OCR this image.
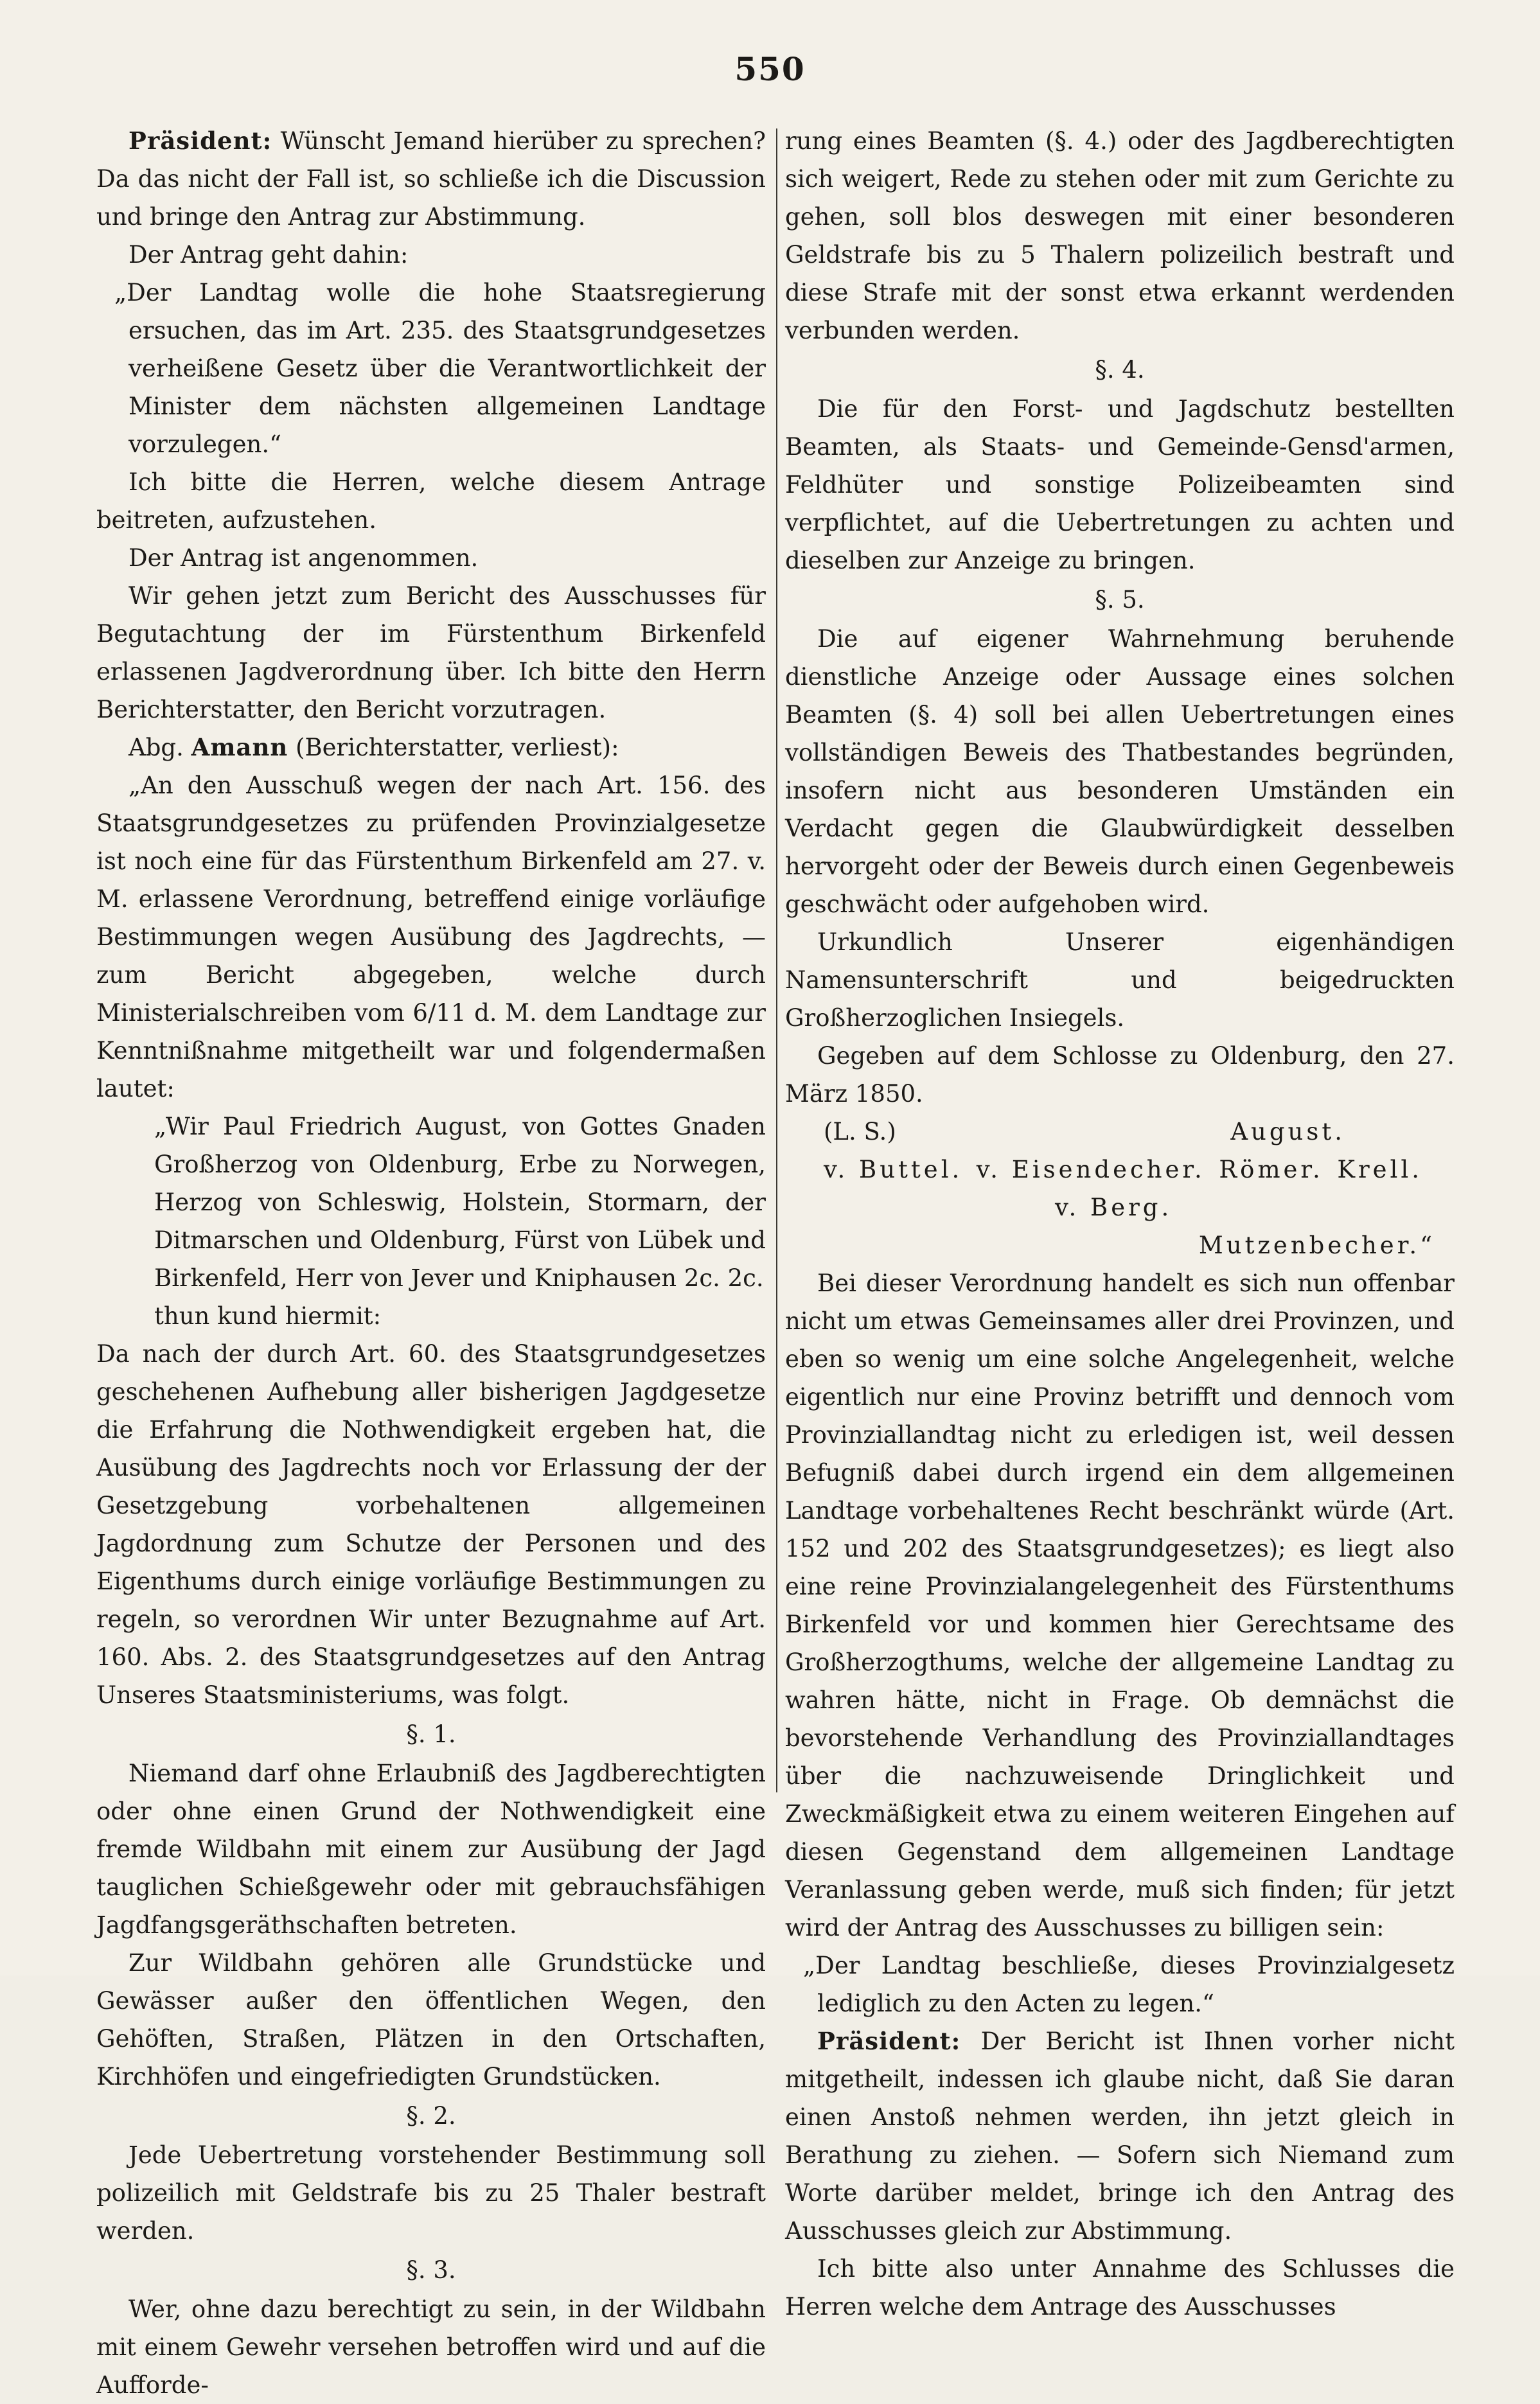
550

Präsident: Wünscht Jemand hierüber zu sprechen? Da das nicht der Fall ist, so schließe ich die Discussion und bringe den Antrag zur Abstimmung.

Der Antrag geht dahin:

„Der Landtag wolle die hohe Staatsregierung ersuchen, das im Art. 235. des Staatsgrundgesetzes verheißene Gesetz über die Verantwortlichkeit der Minister dem nächsten allgemeinen Landtage vorzulegen.“

Ich bitte die Herren, welche diesem Antrage beitreten, aufzustehen.

Der Antrag ist angenommen.

Wir gehen jetzt zum Bericht des Ausschusses für Begutachtung der im Fürstenthum Birkenfeld erlassenen Jagdverordnung über. Ich bitte den Herrn Berichterstatter, den Bericht vorzutragen.

Abg. Amann (Berichterstatter, verliest):

„An den Ausschuß wegen der nach Art. 156. des Staatsgrundgesetzes zu prüfenden Provinzialgesetze ist noch eine für das Fürstenthum Birkenfeld am 27. v. M. erlassene Verordnung, betreffend einige vorläufige Bestimmungen wegen Ausübung des Jagdrechts, — zum Bericht abgegeben, welche durch Ministerialschreiben vom 6/11 d. M. dem Landtage zur Kenntnißnahme mitgetheilt war und folgendermaßen lautet:

„Wir Paul Friedrich August, von Gottes Gnaden Großherzog von Oldenburg, Erbe zu Norwegen, Herzog von Schleswig, Holstein, Stormarn, der Ditmarschen und Oldenburg, Fürst von Lübek und Birkenfeld, Herr von Jever und Kniphausen 2c. 2c.

thun kund hiermit:

Da nach der durch Art. 60. des Staatsgrundgesetzes geschehenen Aufhebung aller bisherigen Jagdgesetze die Erfahrung die Nothwendigkeit ergeben hat, die Ausübung des Jagdrechts noch vor Erlassung der der Gesetzgebung vorbehaltenen allgemeinen Jagdordnung zum Schutze der Personen und des Eigenthums durch einige vorläufige Bestimmungen zu regeln, so verordnen Wir unter Bezugnahme auf Art. 160. Abs. 2. des Staatsgrundgesetzes auf den Antrag Unseres Staatsministeriums, was folgt.

§. 1.

Niemand darf ohne Erlaubniß des Jagdberechtigten oder ohne einen Grund der Nothwendigkeit eine fremde Wildbahn mit einem zur Ausübung der Jagd tauglichen Schießgewehr oder mit gebrauchsfähigen Jagdfangsgeräthschaften betreten.

Zur Wildbahn gehören alle Grundstücke und Gewässer außer den öffentlichen Wegen, den Gehöften, Straßen, Plätzen in den Ortschaften, Kirchhöfen und eingefriedigten Grundstücken.

§. 2.

Jede Uebertretung vorstehender Bestimmung soll polizeilich mit Geldstrafe bis zu 25 Thaler bestraft werden.

§. 3.

Wer, ohne dazu berechtigt zu sein, in der Wildbahn mit einem Gewehr versehen betroffen wird und auf die Aufforde-

rung eines Beamten (§. 4.) oder des Jagdberechtigten sich weigert, Rede zu stehen oder mit zum Gerichte zu gehen, soll blos deswegen mit einer besonderen Geldstrafe bis zu 5 Thalern polizeilich bestraft und diese Strafe mit der sonst etwa erkannt werdenden verbunden werden.

§. 4.

Die für den Forst- und Jagdschutz bestellten Beamten, als Staats- und Gemeinde-Gensd'armen, Feldhüter und sonstige Polizeibeamten sind verpflichtet, auf die Uebertretungen zu achten und dieselben zur Anzeige zu bringen.

§. 5.

Die auf eigener Wahrnehmung beruhende dienstliche Anzeige oder Aussage eines solchen Beamten (§. 4) soll bei allen Uebertretungen eines vollständigen Beweis des Thatbestandes begründen, insofern nicht aus besonderen Umständen ein Verdacht gegen die Glaubwürdigkeit desselben hervorgeht oder der Beweis durch einen Gegenbeweis geschwächt oder aufgehoben wird.

Urkundlich Unserer eigenhändigen Namensunterschrift und beigedruckten Großherzoglichen Insiegels.

Gegeben auf dem Schlosse zu Oldenburg, den 27. März 1850.

(L. S.)	August.
v. Buttel. v. Eisendecher. Römer. Krell.
v. Berg.
Mutzenbecher.“

Bei dieser Verordnung handelt es sich nun offenbar nicht um etwas Gemeinsames aller drei Provinzen, und eben so wenig um eine solche Angelegenheit, welche eigentlich nur eine Provinz betrifft und dennoch vom Provinziallandtag nicht zu erledigen ist, weil dessen Befugniß dabei durch irgend ein dem allgemeinen Landtage vorbehaltenes Recht beschränkt würde (Art. 152 und 202 des Staatsgrundgesetzes); es liegt also eine reine Provinzialangelegenheit des Fürstenthums Birkenfeld vor und kommen hier Gerechtsame des Großherzogthums, welche der allgemeine Landtag zu wahren hätte, nicht in Frage. Ob demnächst die bevorstehende Verhandlung des Provinziallandtages über die nachzuweisende Dringlichkeit und Zweckmäßigkeit etwa zu einem weiteren Eingehen auf diesen Gegenstand dem allgemeinen Landtage Veranlassung geben werde, muß sich finden; für jetzt wird der Antrag des Ausschusses zu billigen sein:

„Der Landtag beschließe, dieses Provinzialgesetz lediglich zu den Acten zu legen.“

Präsident: Der Bericht ist Ihnen vorher nicht mitgetheilt, indessen ich glaube nicht, daß Sie daran einen Anstoß nehmen werden, ihn jetzt gleich in Berathung zu ziehen. — Sofern sich Niemand zum Worte darüber meldet, bringe ich den Antrag des Ausschusses gleich zur Abstimmung.

Ich bitte also unter Annahme des Schlusses die Herren welche dem Antrage des Ausschusses
